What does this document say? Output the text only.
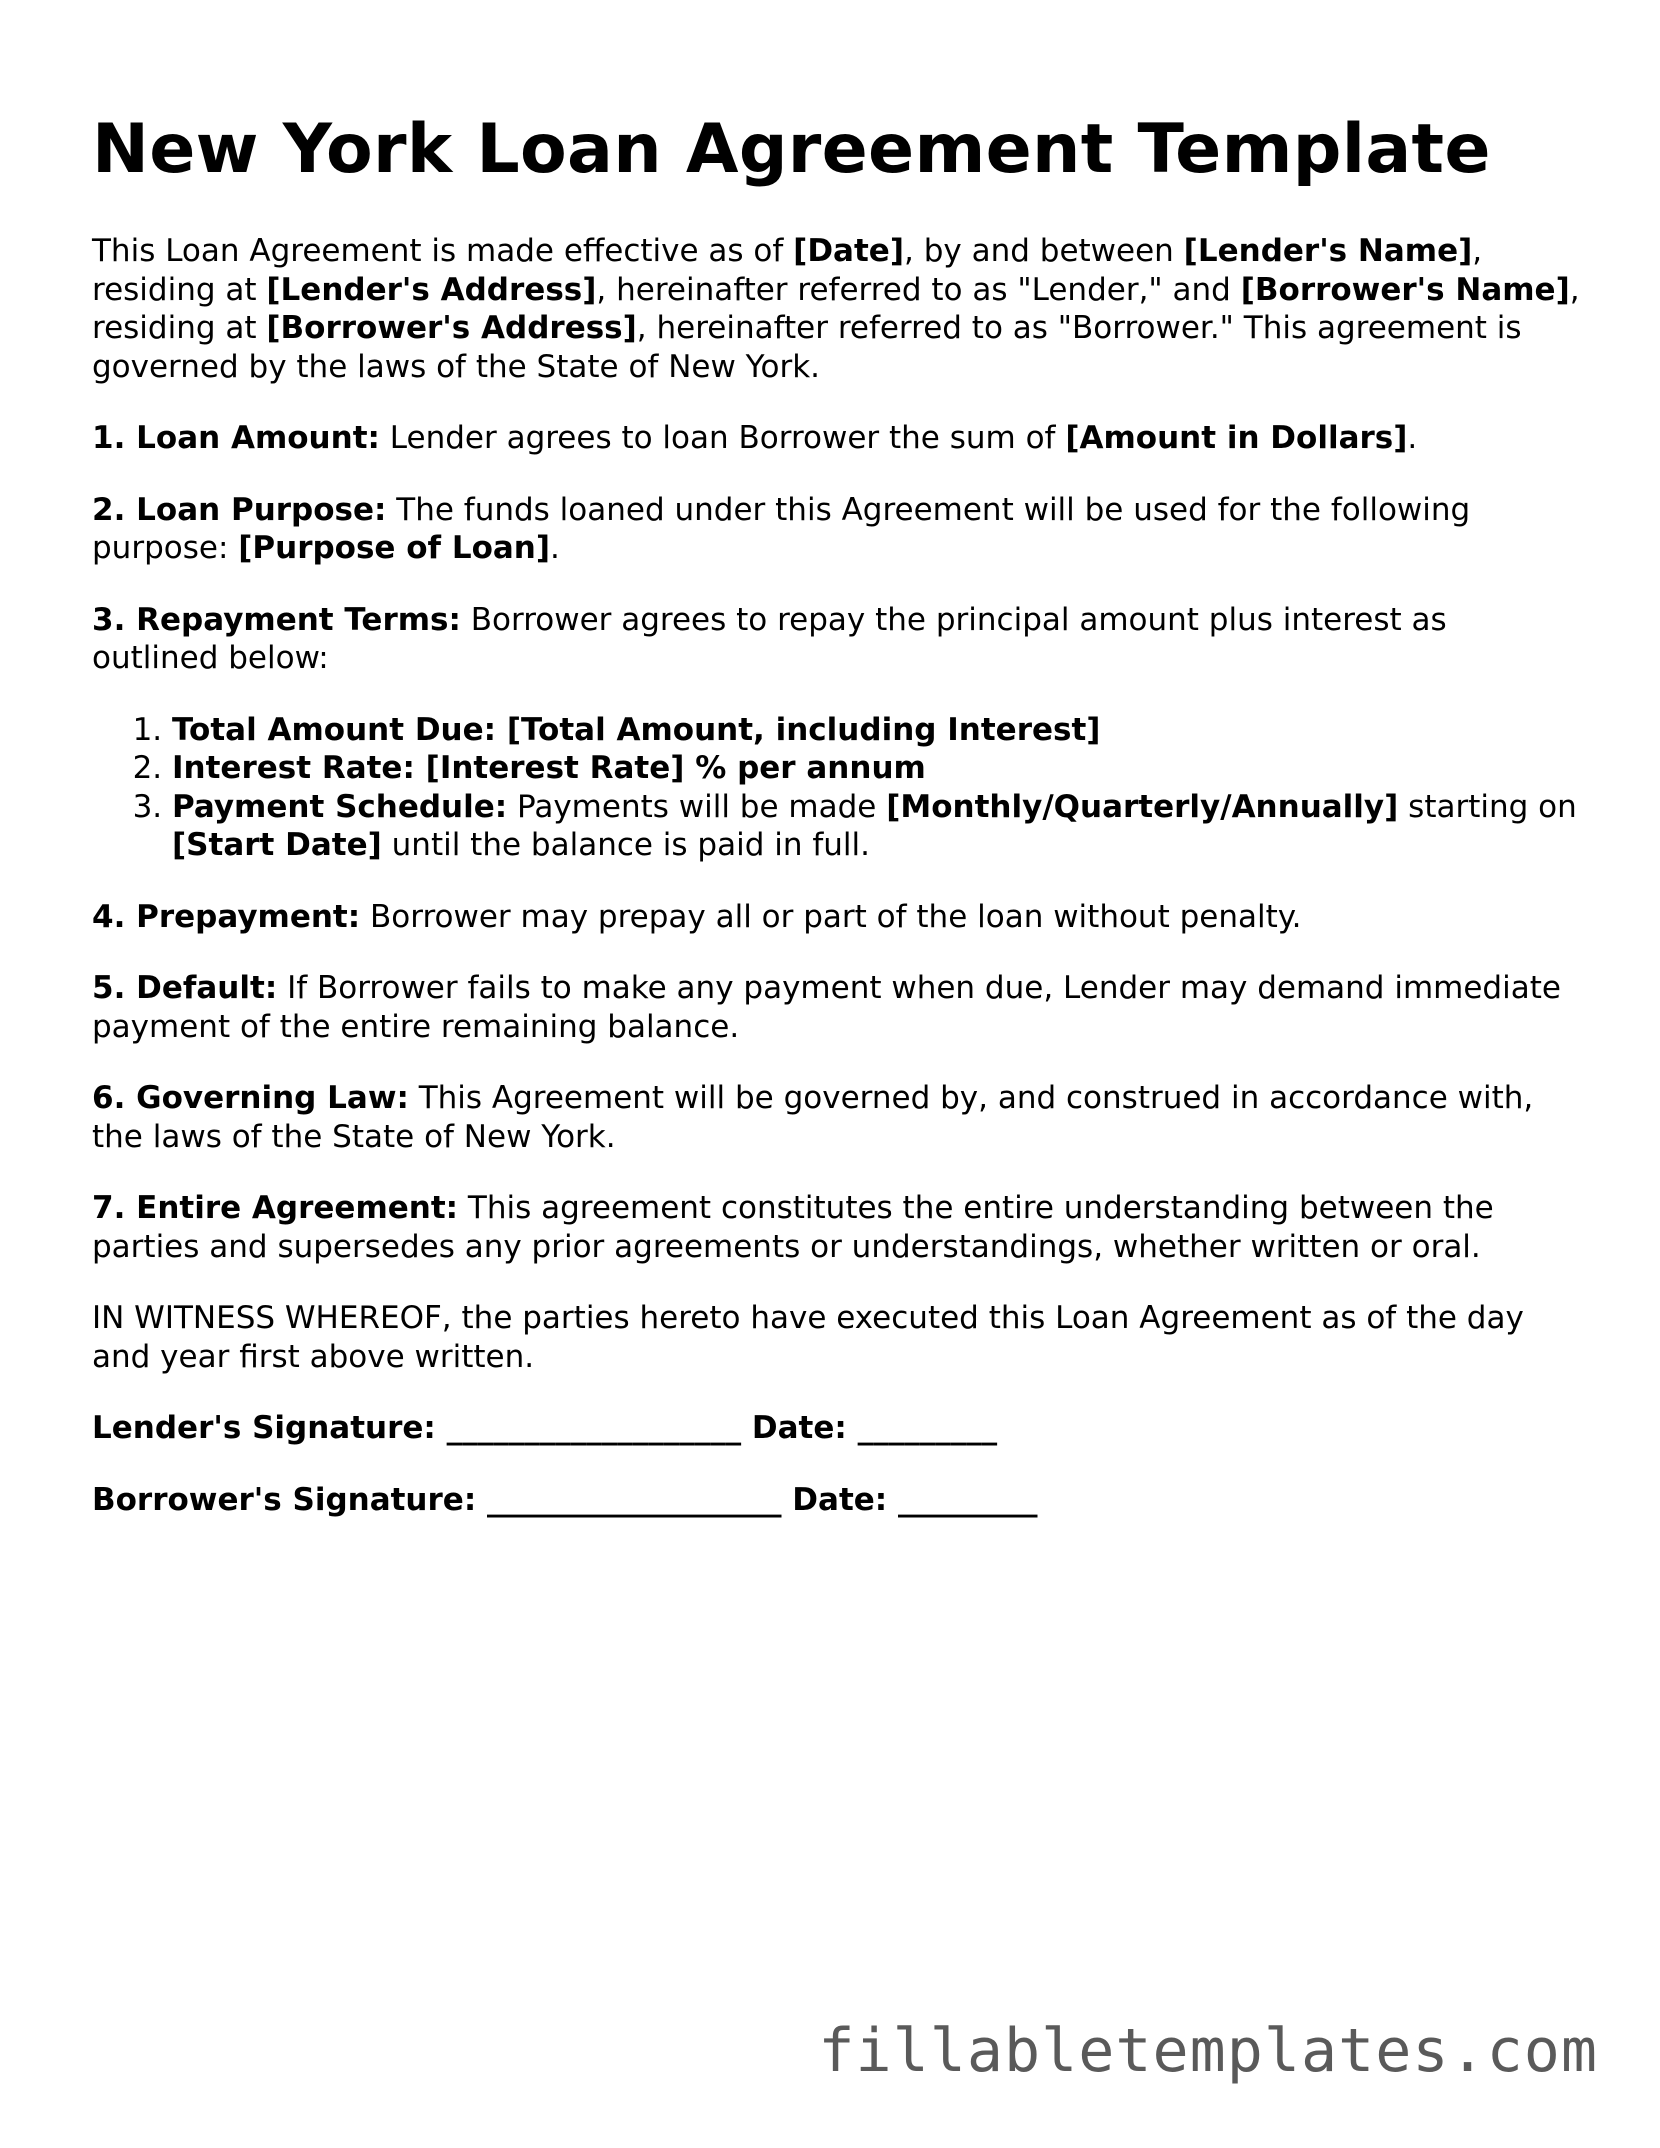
New York Loan Agreement Template

This Loan Agreement is made effective as of [Date], by and between [Lender's Name], residing at [Lender's Address], hereinafter referred to as "Lender," and [Borrower's Name], residing at [Borrower's Address], hereinafter referred to as "Borrower." This agreement is governed by the laws of the State of New York.

1. Loan Amount: Lender agrees to loan Borrower the sum of [Amount in Dollars].

2. Loan Purpose: The funds loaned under this Agreement will be used for the following purpose: [Purpose of Loan].

3. Repayment Terms: Borrower agrees to repay the principal amount plus interest as outlined below:

1. Total Amount Due: [Total Amount, including Interest]
2. Interest Rate: [Interest Rate] % per annum
3. Payment Schedule: Payments will be made [Monthly/Quarterly/Annually] starting on [Start Date] until the balance is paid in full.

4. Prepayment: Borrower may prepay all or part of the loan without penalty.

5. Default: If Borrower fails to make any payment when due, Lender may demand immediate payment of the entire remaining balance.

6. Governing Law: This Agreement will be governed by, and construed in accordance with, the laws of the State of New York.

7. Entire Agreement: This agreement constitutes the entire understanding between the parties and supersedes any prior agreements or understandings, whether written or oral.

IN WITNESS WHEREOF, the parties hereto have executed this Loan Agreement as of the day and year first above written.

Lender's Signature: ___________________ Date: _________
Borrower's Signature: ___________________ Date: _________
fillabletemplates.com
